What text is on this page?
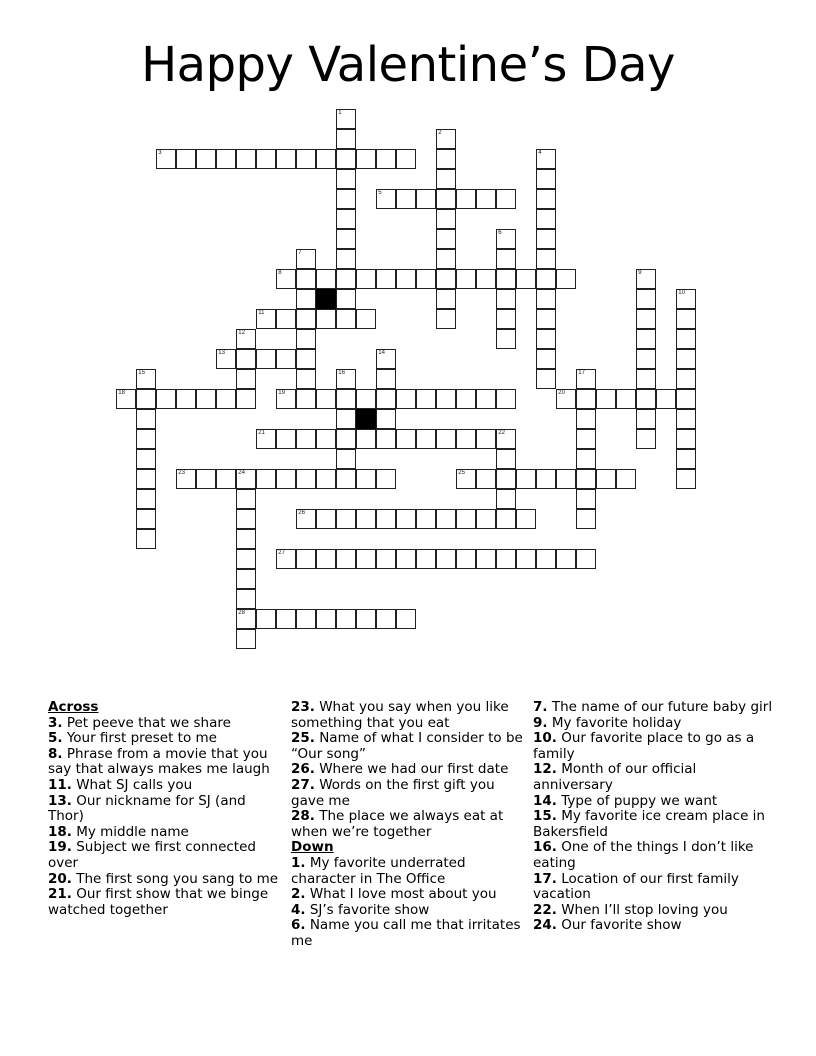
Happy Valentine’s Day
1
2
3	4
5
6
7
8	9
10
11
12
13	14
15	16	17
18	19	20
21	22
23	24
28
25
26
27

Across

3. Pet peeve that we share

5. Your first preset to me

8. Phrase from a movie that you say that always makes me laugh

11. What SJ calls you

13. Our nickname for SJ (and Thor)

18. My middle name

19. Subject we first connected over

20. The first song you sang to me

21. Our first show that we binge watched together

23. What you say when you like something that you eat

25. Name of what I consider to be “Our song”

26. Where we had our first date

27. Words on the first gift you gave me

28. The place we always eat at when we’re together

Down

1. My favorite underrated character in The Office

2. What I love most about you

4. SJ’s favorite show

6. Name you call me that irritates me

7. The name of our future baby girl

9. My favorite holiday

10. Our favorite place to go as a family

12. Month of our official anniversary

14. Type of puppy we want

15. My favorite ice cream place in Bakersfield

16. One of the things I don’t like eating

17. Location of our first family vacation

22. When I’ll stop loving you

24. Our favorite show
